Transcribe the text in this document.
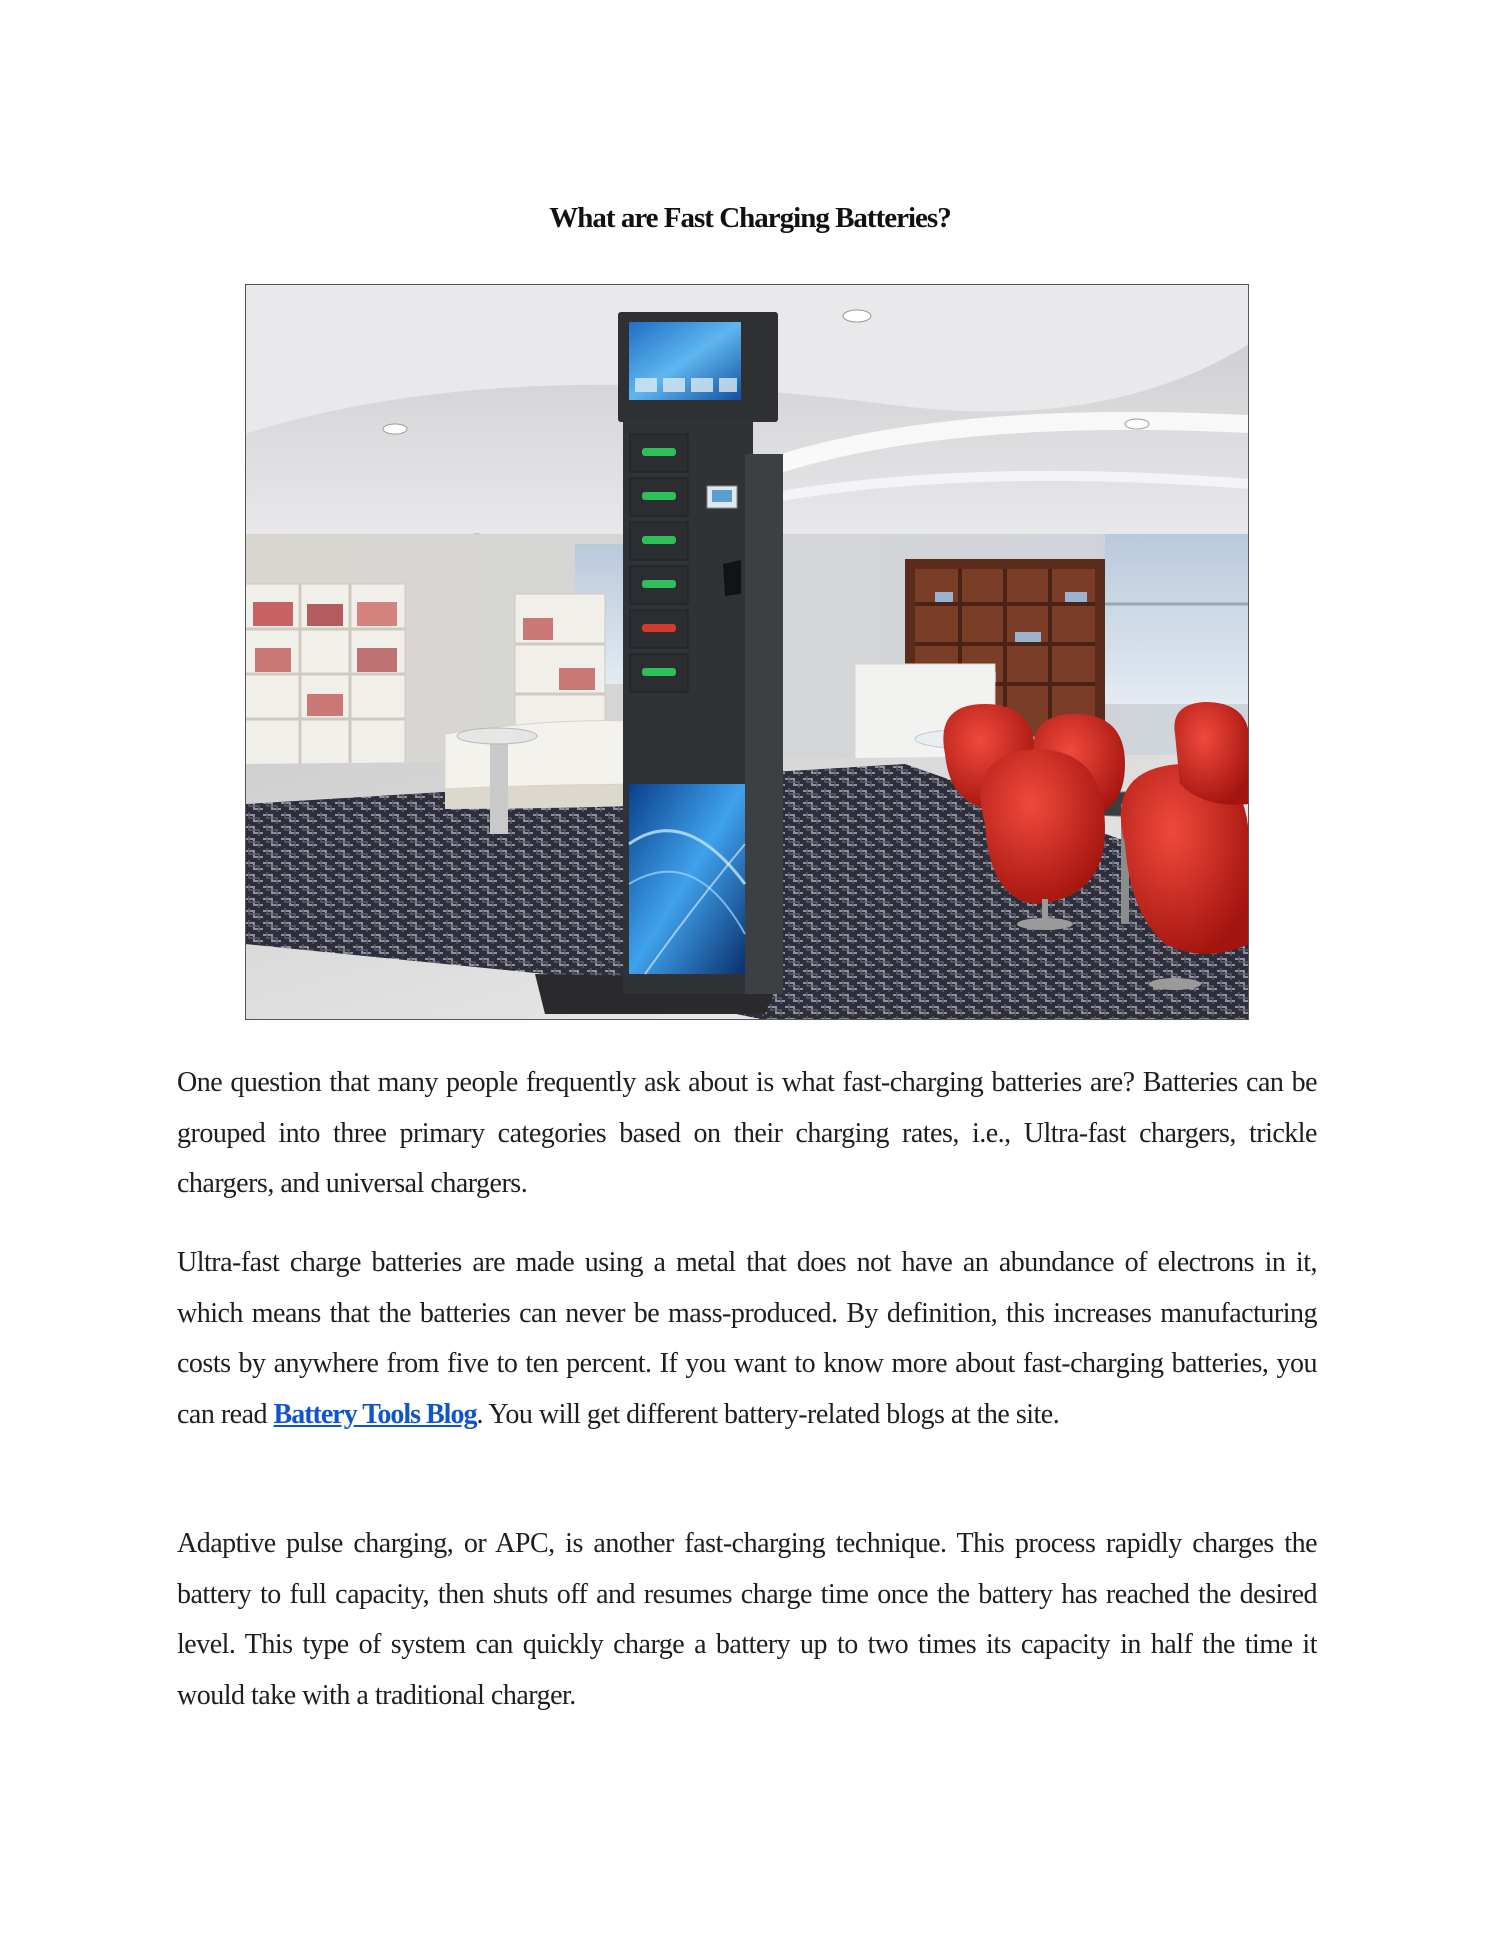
What are Fast Charging Batteries?

One question that many people frequently ask about is what fast-charging batteries are? Batteries can be grouped into three primary categories based on their charging rates, i.e., Ultra-fast chargers, trickle chargers, and universal chargers.

Ultra-fast charge batteries are made using a metal that does not have an abundance of electrons in it, which means that the batteries can never be mass-produced. By definition, this increases manufacturing costs by anywhere from five to ten percent. If you want to know more about fast-charging batteries, you can read Battery Tools Blog. You will get different battery-related blogs at the site.

Adaptive pulse charging, or APC, is another fast-charging technique. This process rapidly charges the battery to full capacity, then shuts off and resumes charge time once the battery has reached the desired level. This type of system can quickly charge a battery up to two times its capacity in half the time it would take with a traditional charger.
